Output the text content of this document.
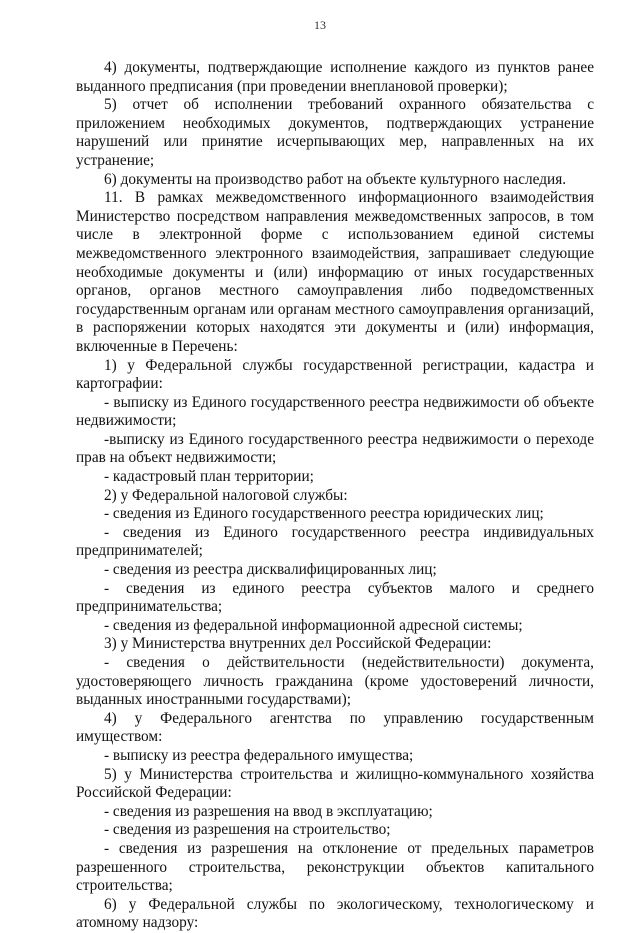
13

4) документы, подтверждающие исполнение каждого из пунктов ранее выданного предписания (при проведении внеплановой проверки);

5) отчет об исполнении требований охранного обязательства с приложением необходимых документов, подтверждающих устранение нарушений или принятие исчерпывающих мер, направленных на их устранение;

6) документы на производство работ на объекте культурного наследия.

11. В рамках межведомственного информационного взаимодействия Министерство посредством направления межведомственных запросов, в том числе в электронной форме с использованием единой системы межведомственного электронного взаимодействия, запрашивает следующие необходимые документы и (или) информацию от иных государственных органов, органов местного самоуправления либо подведомственных государственным органам или органам местного самоуправления организаций, в распоряжении которых находятся эти документы и (или) информация, включенные в Перечень:

1) у Федеральной службы государственной регистрации, кадастра и картографии:

- выписку из Единого государственного реестра недвижимости об объекте недвижимости;

-выписку из Единого государственного реестра недвижимости о переходе прав на объект недвижимости;

- кадастровый план территории;

2) у Федеральной налоговой службы:

- сведения из Единого государственного реестра юридических лиц;

- сведения из Единого государственного реестра индивидуальных предпринимателей;

- сведения из реестра дисквалифицированных лиц;

- сведения из единого реестра субъектов малого и среднего предпринимательства;

- сведения из федеральной информационной адресной системы;

3) у Министерства внутренних дел Российской Федерации:

- сведения о действительности (недействительности) документа, удостоверяющего личность гражданина (кроме удостоверений личности, выданных иностранными государствами);

4) у Федерального агентства по управлению государственным имуществом:

- выписку из реестра федерального имущества;

5) у Министерства строительства и жилищно-коммунального хозяйства Российской Федерации:

- сведения из разрешения на ввод в эксплуатацию;

- сведения из разрешения на строительство;

- сведения из разрешения на отклонение от предельных параметров разрешенного строительства, реконструкции объектов капитального строительства;

6) у Федеральной службы по экологическому, технологическому и атомному надзору:
